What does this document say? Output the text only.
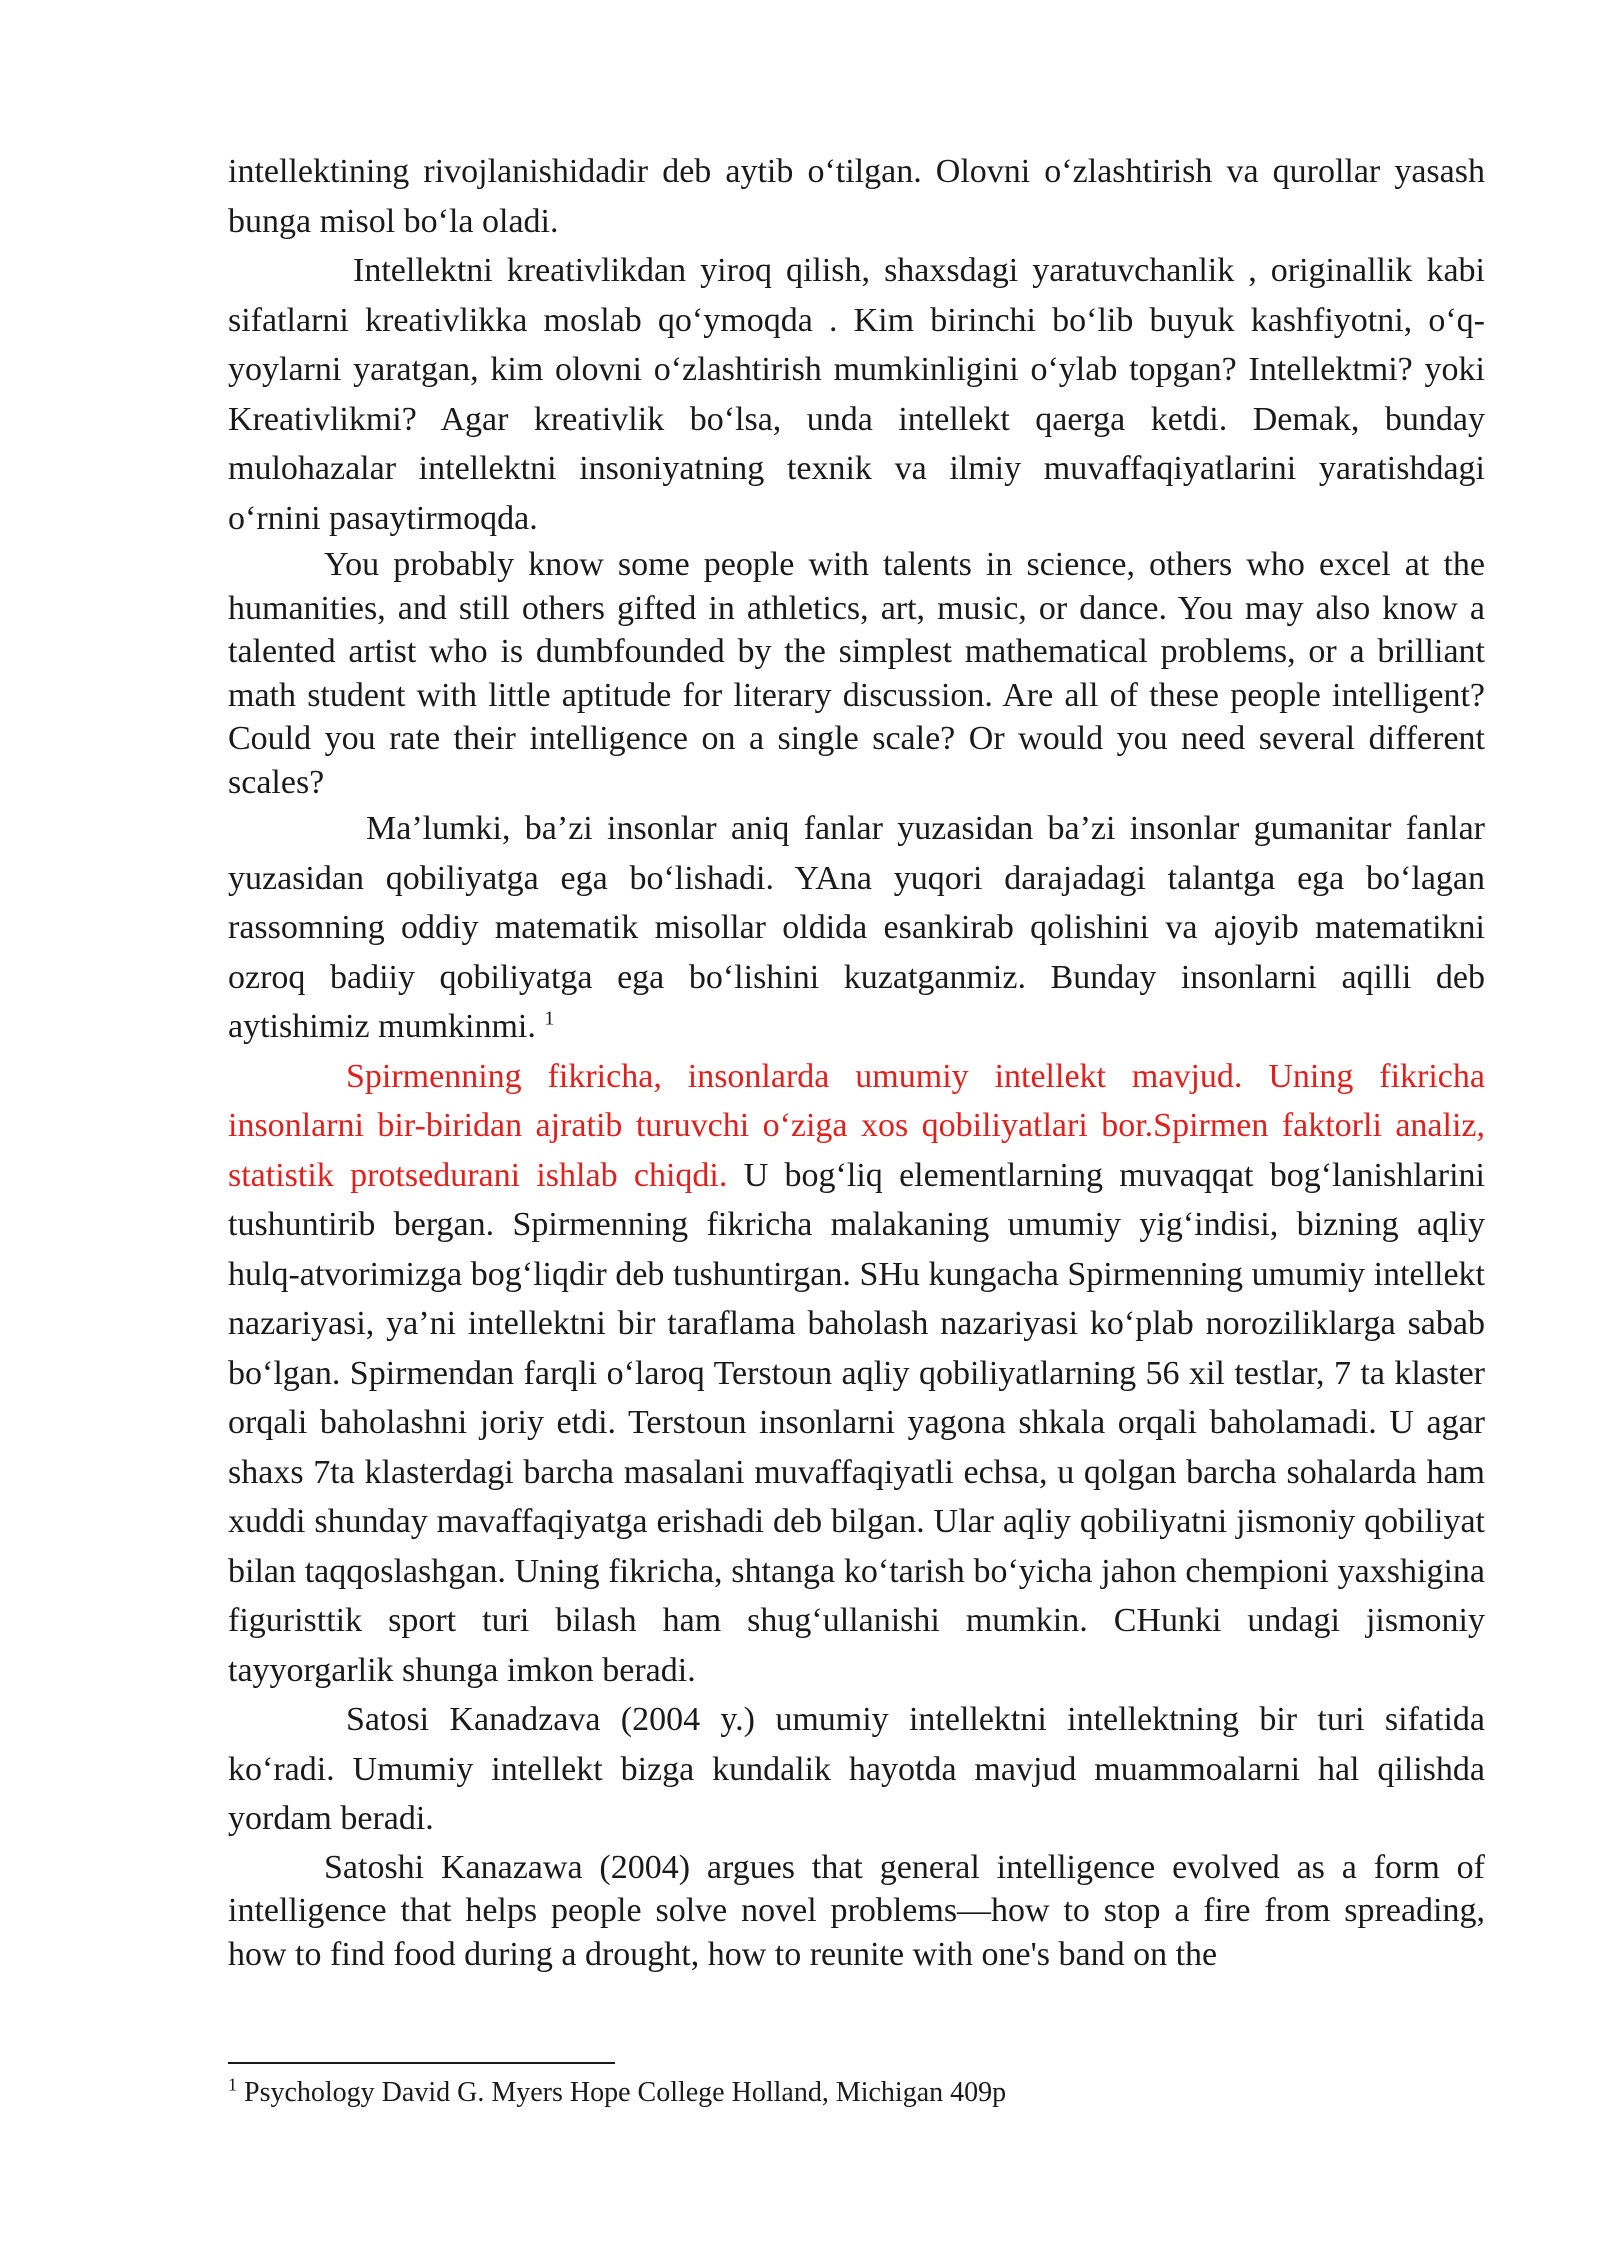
intellektining rivojlanishidadir deb aytib o‘tilgan. Olovni o‘zlashtirish va qurollar yasash bunga misol bo‘la oladi.

Intellektni kreativlikdan yiroq qilish, shaxsdagi yaratuvchanlik , originallik kabi sifatlarni kreativlikka moslab qo‘ymoqda . Kim birinchi bo‘lib buyuk kashfiyotni, o‘q-yoylarni yaratgan, kim olovni o‘zlashtirish mumkinligini o‘ylab topgan? Intellektmi? yoki Kreativlikmi? Agar kreativlik bo‘lsa, unda intellekt qaerga ketdi. Demak, bunday mulohazalar intellektni insoniyatning texnik va ilmiy muvaffaqiyatlarini yaratishdagi o‘rnini pasaytirmoqda.

You probably know some people with talents in science, others who excel at the humanities, and still others gifted in athletics, art, music, or dance. You may also know a talented artist who is dumbfounded by the simplest mathematical problems, or a brilliant math student with little aptitude for literary discussion. Are all of these people intelligent? Could you rate their intelligence on a single scale? Or would you need several different scales?

Ma’lumki, ba’zi insonlar aniq fanlar yuzasidan ba’zi insonlar gumanitar fanlar yuzasidan qobiliyatga ega bo‘lishadi. YAna yuqori darajadagi talantga ega bo‘lagan rassomning oddiy matematik misollar oldida esankirab qolishini va ajoyib matematikni ozroq badiiy qobiliyatga ega bo‘lishini kuzatganmiz. Bunday insonlarni aqilli deb aytishimiz mumkinmi. $^1$

Spirmenning fikricha, insonlarda umumiy intellekt mavjud. Uning fikricha insonlarni bir-biridan ajratib turuvchi o‘ziga xos qobiliyatlari bor.Spirmen faktorli analiz, statistik protsedurani ishlab chiqdi. U bog‘liq elementlarning muvaqqat bog‘lanishlarini tushuntirib bergan. Spirmenning fikricha malakaning umumiy yig‘indisi, bizning aqliy hulq-atvorimizga bog‘liqdir deb tushuntirgan. SHu kungacha Spirmenning umumiy intellekt nazariyasi, ya’ni intellektni bir taraflama baholash nazariyasi ko‘plab noroziliklarga sabab bo‘lgan. Spirmendan farqli o‘laroq Terstoun aqliy qobiliyatlarning 56 xil testlar, 7 ta klaster orqali baholashni joriy etdi. Terstoun insonlarni yagona shkala orqali baholamadi. U agar shaxs 7ta klasterdagi barcha masalani muvaffaqiyatli echsa, u qolgan barcha sohalarda ham xuddi shunday mavaffaqiyatga erishadi deb bilgan. Ular aqliy qobiliyatni jismoniy qobiliyat bilan taqqoslashgan. Uning fikricha, shtanga ko‘tarish bo‘yicha jahon chempioni yaxshigina figuristtik sport turi bilash ham shug‘ullanishi mumkin. CHunki undagi jismoniy tayyorgarlik shunga imkon beradi.

Satosi Kanadzava (2004 y.) umumiy intellektni intellektning bir turi sifatida ko‘radi. Umumiy intellekt bizga kundalik hayotda mavjud muammoalarni hal qilishda yordam beradi.

Satoshi Kanazawa (2004) argues that general intelligence evolved as a form of intelligence that helps people solve novel problems—how to stop a fire from spreading, how to find food during a drought, how to reunite with one's band on the

$^1$ Psychology David G. Myers Hope College Holland, Michigan 409p
